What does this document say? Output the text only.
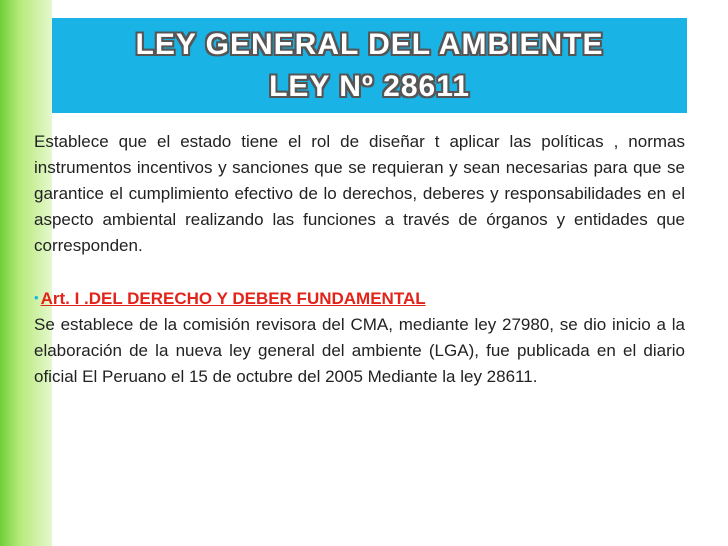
LEY GENERAL DEL AMBIENTE
LEY Nº 28611

Establece que el estado tiene el rol de diseñar t aplicar las políticas , normas instrumentos incentivos y sanciones que se requieran y sean necesarias para que se garantice el cumplimiento efectivo de lo derechos, deberes y responsabilidades en el aspecto ambiental realizando las funciones a través de órganos y entidades que corresponden.

• Art. I .DEL DERECHO Y DEBER FUNDAMENTAL

Se establece de la comisión revisora del CMA, mediante ley 27980, se dio inicio a la elaboración de la nueva ley general del ambiente (LGA), fue publicada en el diario oficial El Peruano el 15 de octubre del 2005 Mediante la ley 28611.
